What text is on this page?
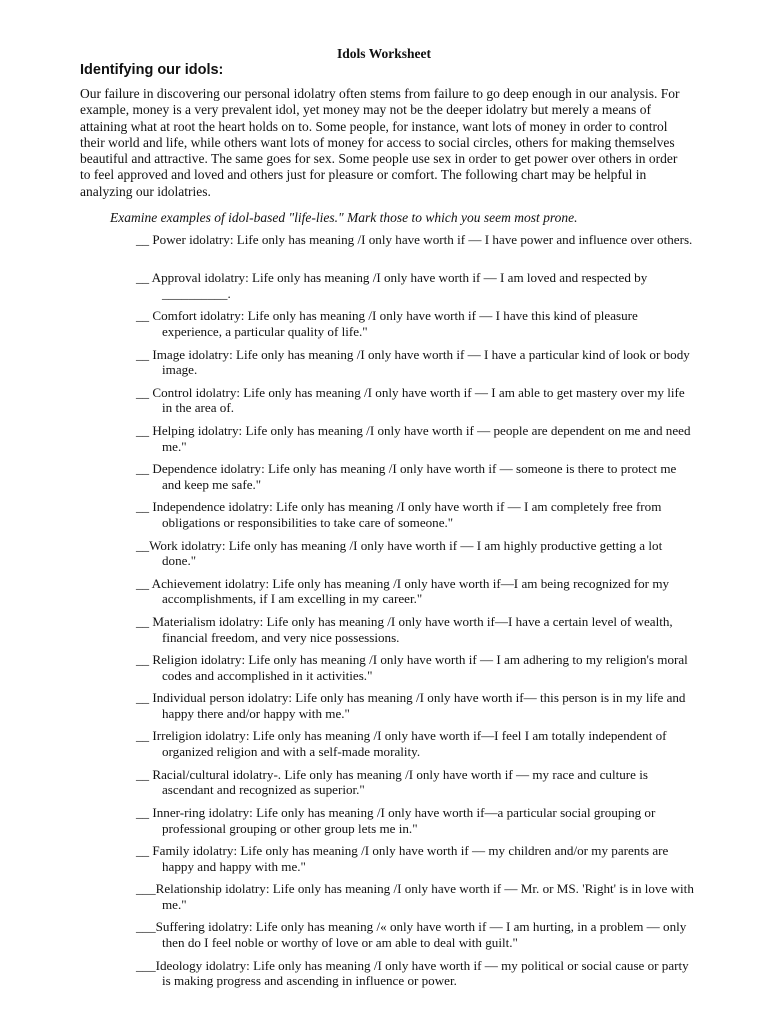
Idols Worksheet
Identifying our idols:

Our failure in discovering our personal idolatry often stems from failure to go deep enough in our analysis. For example, money is a very prevalent idol, yet money may not be the deeper idolatry but merely a means of attaining what at root the heart holds on to. Some people, for instance, want lots of money in order to control their world and life, while others want lots of money for access to social circles, others for making themselves beautiful and attractive. The same goes for sex. Some people use sex in order to get power over others in order to feel approved and loved and others just for pleasure or comfort. The following chart may be helpful in analyzing our idolatries.

Examine examples of idol-based "life-lies." Mark those to which you seem most prone.
__ Power idolatry: Life only has meaning /I only have worth if — I have power and influence over others.
__ Approval idolatry: Life only has meaning /I only have worth if — I am loved and respected by __________.
__ Comfort idolatry: Life only has meaning /I only have worth if — I have this kind of pleasure experience, a particular quality of life."
__ Image idolatry: Life only has meaning /I only have worth if — I have a particular kind of look or body image.
__ Control idolatry: Life only has meaning /I only have worth if — I am able to get mastery over my life in the area of.
__ Helping idolatry: Life only has meaning /I only have worth if — people are dependent on me and need me."
__ Dependence idolatry: Life only has meaning /I only have worth if — someone is there to protect me and keep me safe."
__ Independence idolatry: Life only has meaning /I only have worth if — I am completely free from obligations or responsibilities to take care of someone."
__Work idolatry: Life only has meaning /I only have worth if — I am highly productive getting a lot done."
__ Achievement idolatry: Life only has meaning /I only have worth if—I am being recognized for my accomplishments, if I am excelling in my career."
__ Materialism idolatry: Life only has meaning /I only have worth if—I have a certain level of wealth, financial freedom, and very nice possessions.
__ Religion idolatry: Life only has meaning /I only have worth if — I am adhering to my religion's moral codes and accomplished in it activities."
__ Individual person idolatry: Life only has meaning /I only have worth if— this person is in my life and happy there and/or happy with me."
__ Irreligion idolatry: Life only has meaning /I only have worth if—I feel I am totally independent of organized religion and with a self-made morality.
__ Racial/cultural idolatry-. Life only has meaning /I only have worth if — my race and culture is ascendant and recognized as superior."
__ Inner-ring idolatry: Life only has meaning /I only have worth if—a particular social grouping or professional grouping or other group lets me in."
__ Family idolatry: Life only has meaning /I only have worth if — my children and/or my parents are happy and happy with me."
___Relationship idolatry: Life only has meaning /I only have worth if — Mr. or MS. 'Right' is in love with me."
___Suffering idolatry: Life only has meaning /« only have worth if — I am hurting, in a problem — only then do I feel noble or worthy of love or am able to deal with guilt."
___Ideology idolatry: Life only has meaning /I only have worth if — my political or social cause or party is making progress and ascending in influence or power.
